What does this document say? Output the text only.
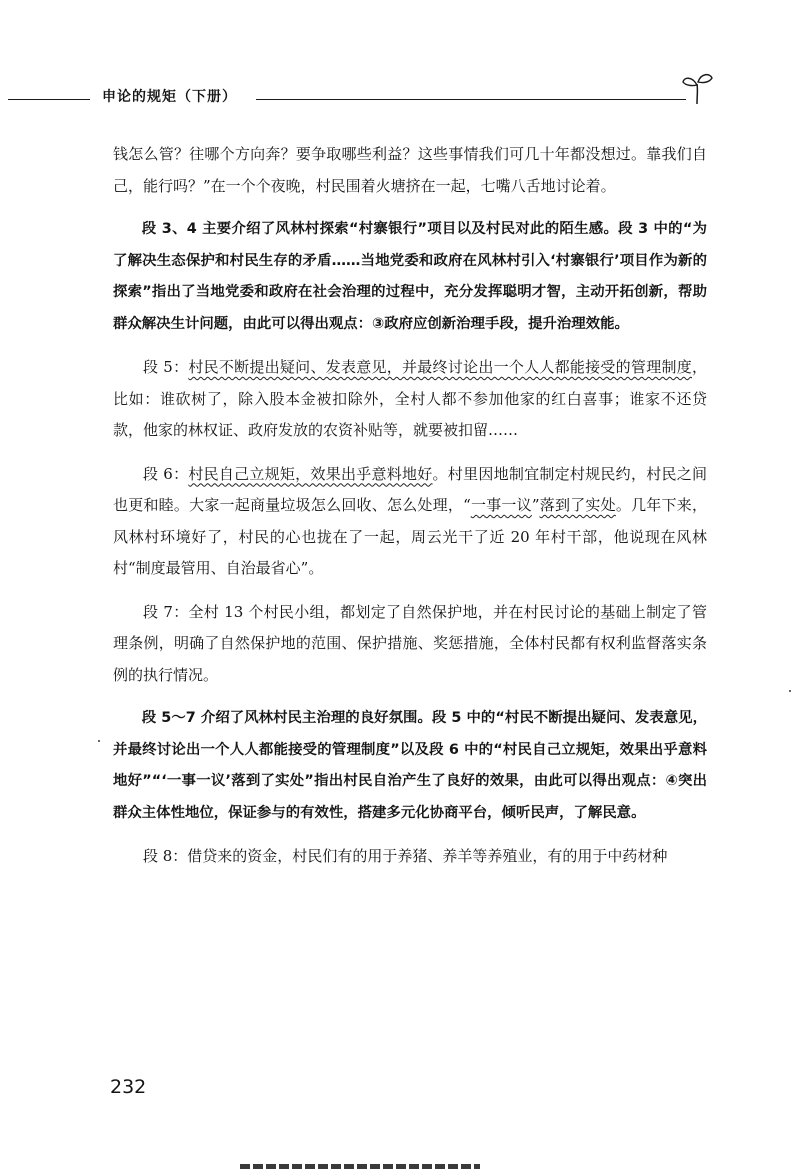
申论的规矩（下册）

钱怎么管？往哪个方向奔？要争取哪些利益？这些事情我们可几十年都没想过。靠我们自己，能行吗？”在一个个夜晚，村民围着火塘挤在一起，七嘴八舌地讨论着。

段 3、4 主要介绍了风林村探索“村寨银行”项目以及村民对此的陌生感。段 3 中的“为了解决生态保护和村民生存的矛盾……当地党委和政府在风林村引入‘村寨银行’项目作为新的探索”指出了当地党委和政府在社会治理的过程中，充分发挥聪明才智，主动开拓创新，帮助群众解决生计问题，由此可以得出观点：③政府应创新治理手段，提升治理效能。

段 5：村民不断提出疑问、发表意见，并最终讨论出一个人人都能接受的管理制度，比如：谁砍树了，除入股本金被扣除外，全村人都不参加他家的红白喜事；谁家不还贷款，他家的林权证、政府发放的农资补贴等，就要被扣留……

段 6：村民自己立规矩，效果出乎意料地好。村里因地制宜制定村规民约，村民之间也更和睦。大家一起商量垃圾怎么回收、怎么处理，“一事一议”落到了实处。几年下来，风林村环境好了，村民的心也拢在了一起，周云光干了近 20 年村干部，他说现在风林村“制度最管用、自治最省心”。

段 7：全村 13 个村民小组，都划定了自然保护地，并在村民讨论的基础上制定了管理条例，明确了自然保护地的范围、保护措施、奖惩措施，全体村民都有权利监督落实条例的执行情况。

段 5～7 介绍了风林村民主治理的良好氛围。段 5 中的“村民不断提出疑问、发表意见，并最终讨论出一个人人都能接受的管理制度”以及段 6 中的“村民自己立规矩，效果出乎意料地好”“‘一事一议’落到了实处”指出村民自治产生了良好的效果，由此可以得出观点：④突出群众主体性地位，保证参与的有效性，搭建多元化协商平台，倾听民声，了解民意。

段 8：借贷来的资金，村民们有的用于养猪、养羊等养殖业，有的用于中药材种

232
